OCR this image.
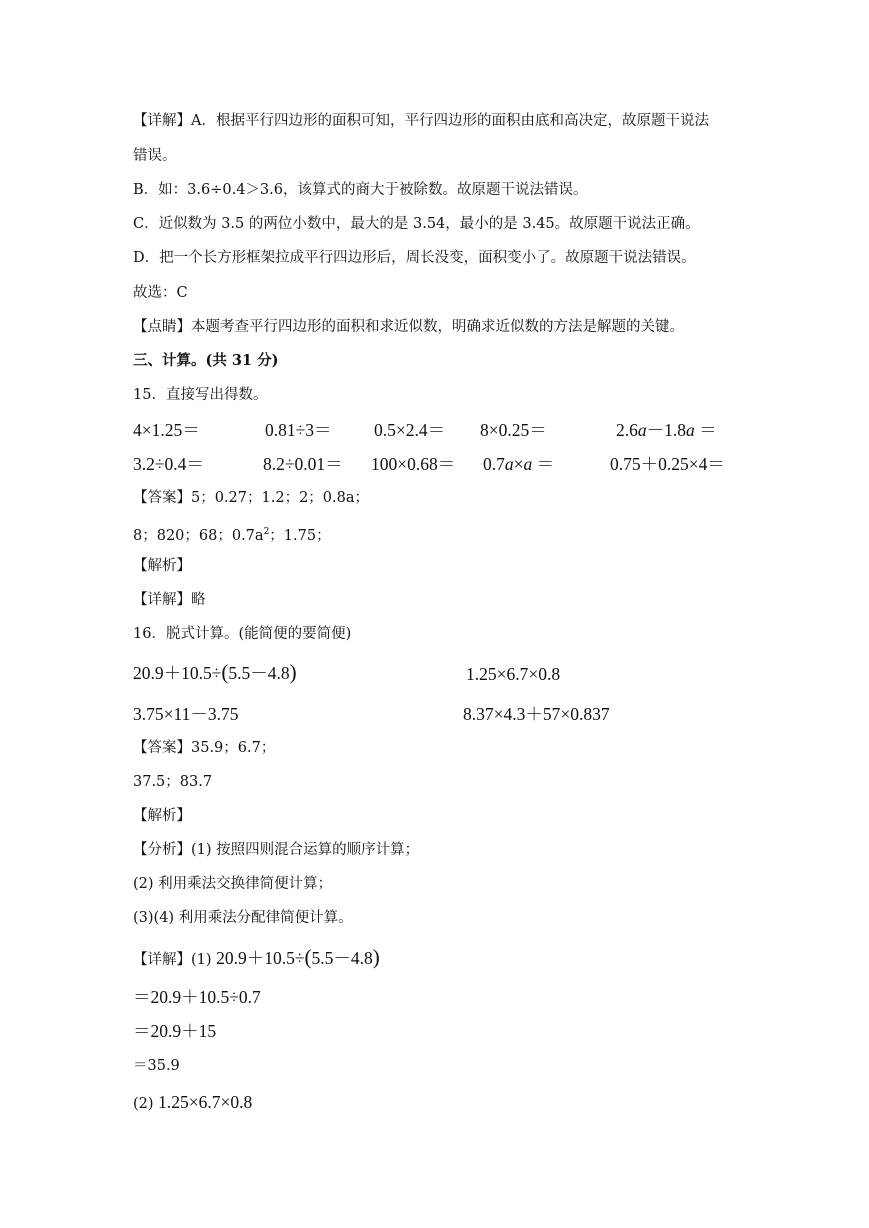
【详解】A．根据平行四边形的面积可知，平行四边形的面积由底和高决定，故原题干说法
错误。
B．如：3.6÷0.4＞3.6，该算式的商大于被除数。故原题干说法错误。
C．近似数为 3.5 的两位小数中，最大的是 3.54，最小的是 3.45。故原题干说法正确。
D．把一个长方形框架拉成平行四边形后，周长没变，面积变小了。故原题干说法错误。
故选：C
【点睛】本题考查平行四边形的面积和求近似数，明确求近似数的方法是解题的关键。
三、计算。(共 31 分)
15．直接写出得数。
4×1.25＝	0.81÷3＝ 0.5×2.4＝ 8×0.25＝	2.6a－1.8a ＝
3.2÷0.4＝	8.2÷0.01＝ 100×0.68＝ 0.7a×a ＝	0.75＋0.25×4＝
【答案】5；0.27；1.2；2；0.8a；
8；820；68；$0.7a^2$；1.75；
【解析】
【详解】略
16．脱式计算。(能简便的要简便)
20.9＋10.5÷(5.5－4.8)	1.25×6.7×0.8
3.75×11－3.75	8.37×4.3＋57×0.837
【答案】35.9；6.7；
37.5；83.7
【解析】
【分析】(1) 按照四则混合运算的顺序计算；
(2) 利用乘法交换律简便计算；
(3)(4) 利用乘法分配律简便计算。
【详解】(1) 20.9＋10.5÷(5.5－4.8)
＝20.9＋10.5÷0.7
＝20.9＋15
＝35.9
(2) 1.25×6.7×0.8
